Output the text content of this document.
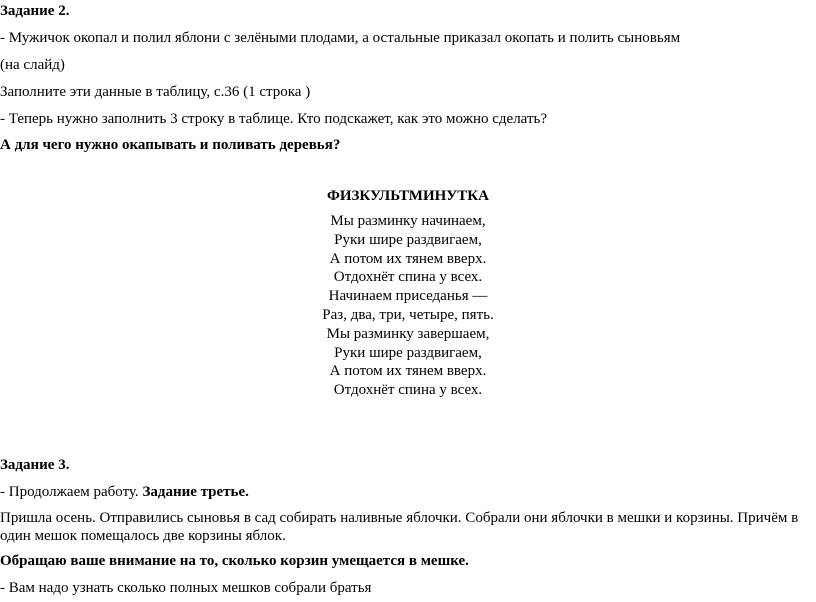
Задание 2.
- Мужичок окопал и полил яблони с зелёными плодами, а остальные приказал окопать и полить сыновьям
(на слайд)
Заполните эти данные в таблицу, с.36 (1 строка )
- Теперь нужно заполнить 3 строку в таблице. Кто подскажет, как это можно сделать?
А для чего нужно окапывать и поливать деревья?
ФИЗКУЛЬТМИНУТКА
Мы разминку начинаем,
Руки шире раздвигаем,
А потом их тянем вверх.
Отдохнёт спина у всех.
Начинаем приседанья —
Раз, два, три, четыре, пять.
Мы разминку завершаем,
Руки шире раздвигаем,
А потом их тянем вверх.
Отдохнёт спина у всех.
Задание 3.
- Продолжаем работу. Задание третье.
Пришла осень. Отправились сыновья в сад собирать наливные яблочки. Собрали они яблочки в мешки и корзины. Причём в один мешок помещалось две корзины яблок.
Обращаю ваше внимание на то, сколько корзин умещается в мешке.
- Вам надо узнать сколько полных мешков собрали братья
